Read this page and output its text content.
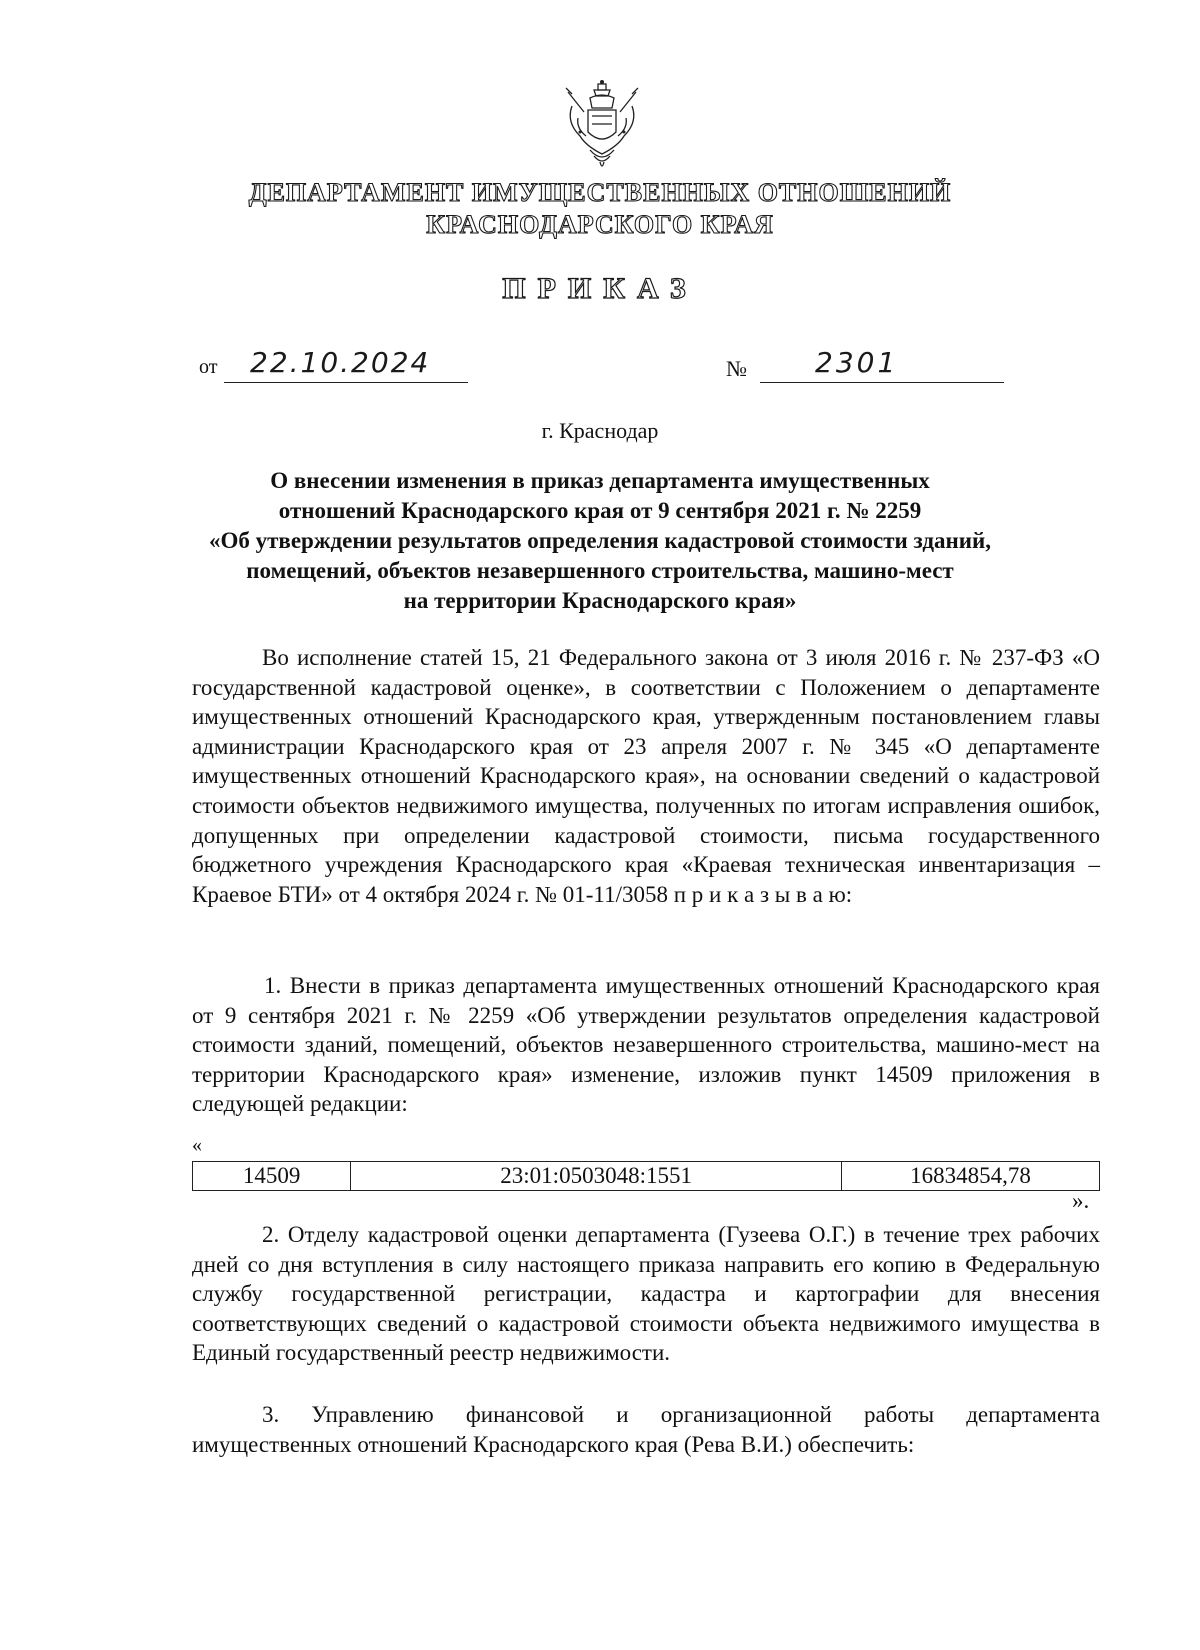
ДЕПАРТАМЕНТ ИМУЩЕСТВЕННЫХ ОТНОШЕНИЙ
КРАСНОДАРСКОГО КРАЯ
ПРИКАЗ
от 22.10.2024	№ 2301
г. Краснодар
О внесении изменения в приказ департамента имущественных
отношений Краснодарского края от 9 сентября 2021 г. № 2259
«Об утверждении результатов определения кадастровой стоимости зданий,
помещений, объектов незавершенного строительства, машино-мест
на территории Краснодарского края»
Во исполнение статей 15, 21 Федерального закона от 3 июля 2016 г. № 237-ФЗ «О государственной кадастровой оценке», в соответствии с Положением о департаменте имущественных отношений Краснодарского края, утвержденным постановлением главы администрации Краснодарского края от 23 апреля 2007 г. № 345 «О департаменте имущественных отношений Краснодарского края», на основании сведений о кадастровой стоимости объектов недвижимого имущества, полученных по итогам исправления ошибок, допущенных при определении кадастровой стоимости, письма государственного бюджетного учреждения Краснодарского края «Краевая техническая инвентаризация – Краевое БТИ» от 4 октября 2024 г. № 01-11/3058 п р и к а з ы в а ю:
1. Внести в приказ департамента имущественных отношений Краснодарского края от 9 сентября 2021 г. № 2259 «Об утверждении результатов определения кадастровой стоимости зданий, помещений, объектов незавершенного строительства, машино-мест на территории Краснодарского края» изменение, изложив пункт 14509 приложения в следующей редакции:
«
14509	23:01:0503048:1551	16834854,78
».
2. Отделу кадастровой оценки департамента (Гузеева О.Г.) в течение трех рабочих дней со дня вступления в силу настоящего приказа направить его копию в Федеральную службу государственной регистрации, кадастра и картографии для внесения соответствующих сведений о кадастровой стоимости объекта недвижимого имущества в Единый государственный реестр недвижимости.
3. Управлению финансовой и организационной работы департамента имущественных отношений Краснодарского края (Рева В.И.) обеспечить:
